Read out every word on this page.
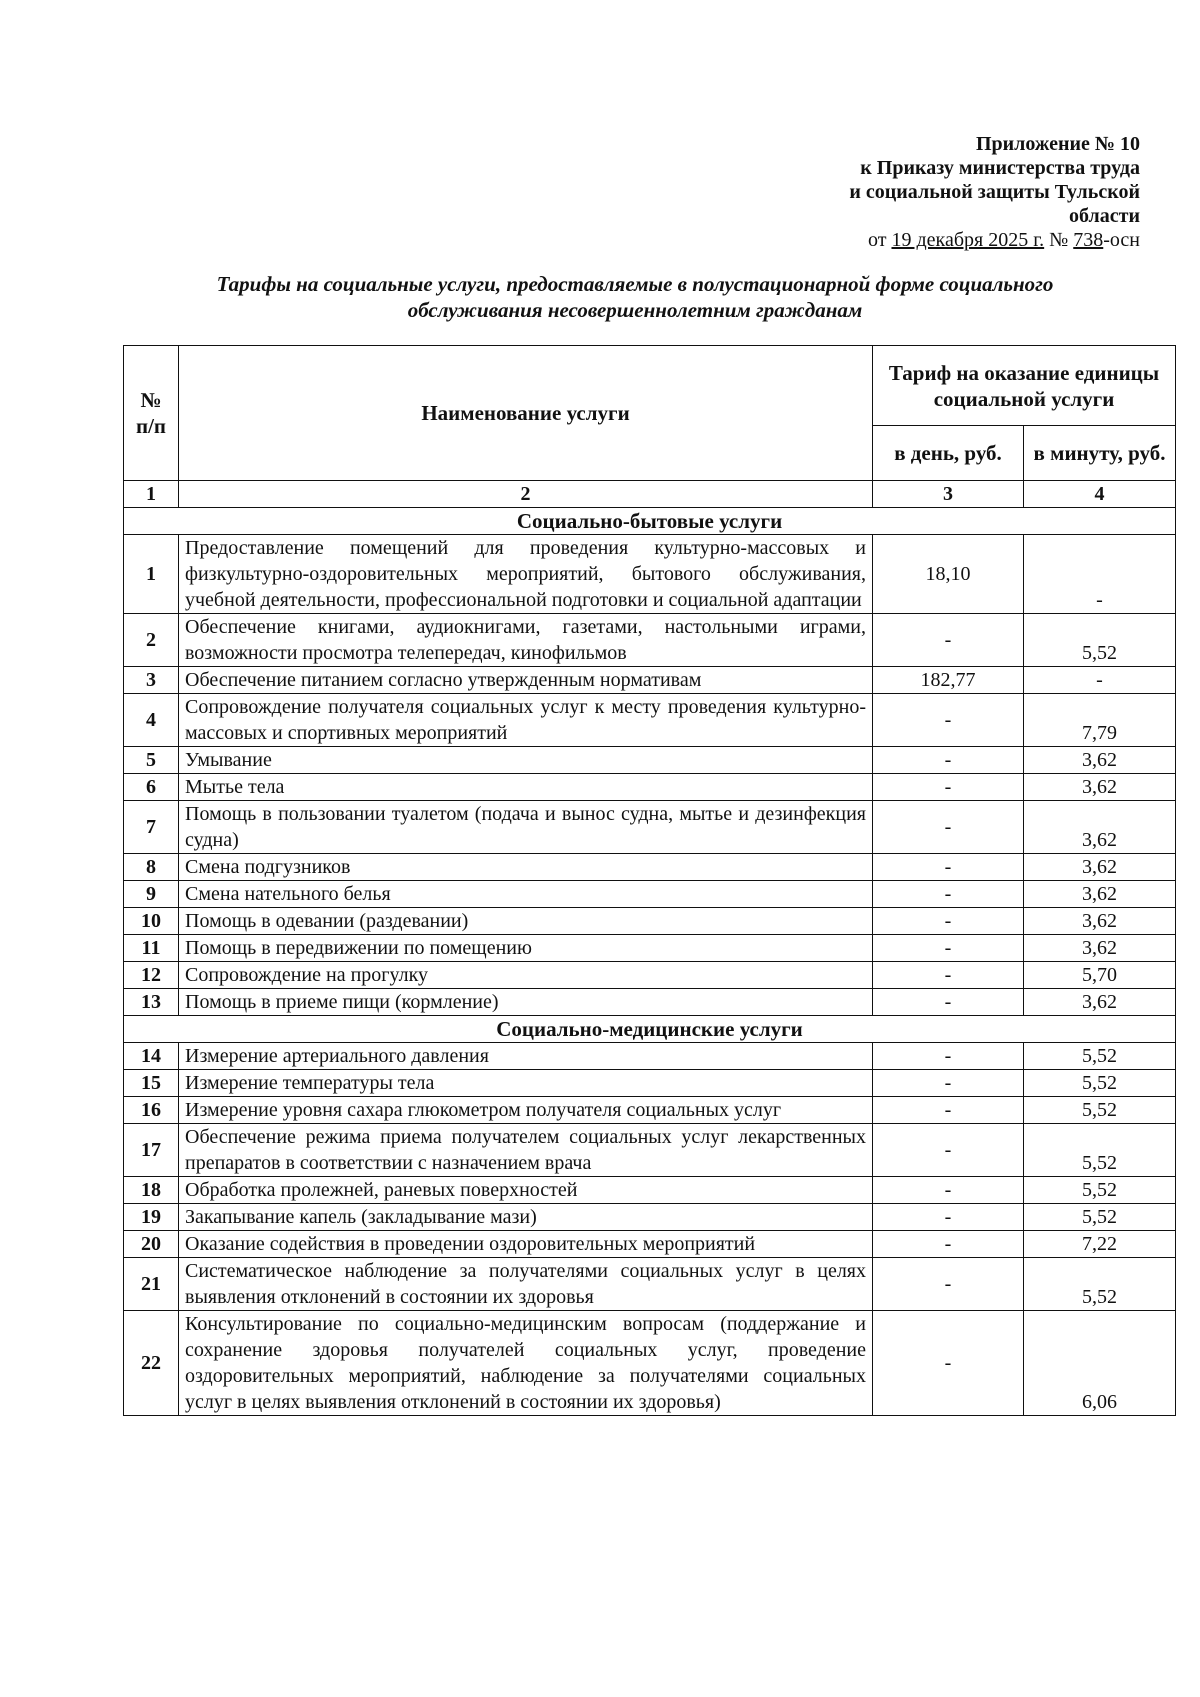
Приложение № 10
к Приказу министерства труда
и социальной защиты Тульской
области
от 19 декабря 2025 г. № 738-осн
Тарифы на социальные услуги, предоставляемые в полустационарной форме социального
обслуживания несовершеннолетним гражданам
№ п/п	Наименование услуги	Тариф на оказание единицы социальной услуги	
		в день, руб.	в минуту, руб.
1	2	3	4
Социально-бытовые услуги			
1	Предоставление помещений для проведения культурно-массовых и физкультурно-оздоровительных мероприятий, бытового обслуживания, учебной деятельности, профессиональной подготовки и социальной адаптации	18,10	-
2	Обеспечение книгами, аудиокнигами, газетами, настольными играми, возможности просмотра телепередач, кинофильмов	-	5,52
3	Обеспечение питанием согласно утвержденным нормативам	182,77	-
4	Сопровождение получателя социальных услуг к месту проведения культурно-массовых и спортивных мероприятий	-	7,79
5	Умывание	-	3,62
6	Мытье тела	-	3,62
7	Помощь в пользовании туалетом (подача и вынос судна, мытье и дезинфекция судна)	-	3,62
8	Смена подгузников	-	3,62
9	Смена нательного белья	-	3,62
10	Помощь в одевании (раздевании)	-	3,62
11	Помощь в передвижении по помещению	-	3,62
12	Сопровождение на прогулку	-	5,70
13	Помощь в приеме пищи (кормление)	-	3,62
Социально-медицинские услуги			
14	Измерение артериального давления	-	5,52
15	Измерение температуры тела	-	5,52
16	Измерение уровня сахара глюкометром получателя социальных услуг	-	5,52
17	Обеспечение режима приема получателем социальных услуг лекарственных препаратов в соответствии с назначением врача	-	5,52
18	Обработка пролежней, раневых поверхностей	-	5,52
19	Закапывание капель (закладывание мази)	-	5,52
20	Оказание содействия в проведении оздоровительных мероприятий	-	7,22
21	Систематическое наблюдение за получателями социальных услуг в целях выявления отклонений в состоянии их здоровья	-	5,52
22	Консультирование по социально-медицинским вопросам (поддержание и сохранение здоровья получателей социальных услуг, проведение оздоровительных мероприятий, наблюдение за получателями социальных услуг в целях выявления отклонений в состоянии их здоровья)	-	6,06
